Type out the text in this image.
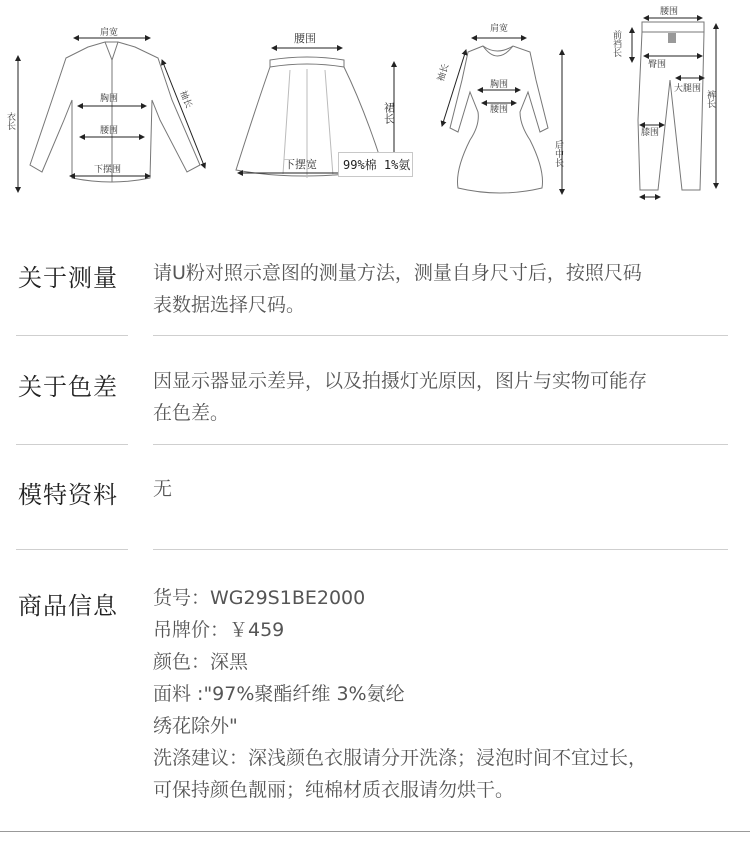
肩宽
胸围
腰围
下摆围
衣长
袖长
腰围
下摆宽
裙长
肩宽
胸围
腰围
袖长
后中长
腰围
前裆长
臀围
大腿围
膝围
裤长
99%棉 1%氨
关于测量 请U粉对照示意图的测量方法，测量自身尺寸后，按照尺码
表数据选择尺码。
关于色差 因显示器显示差异，以及拍摄灯光原因，图片与实物可能存
在色差。
模特资料 无
商品信息 货号：WG29S1BE2000
吊牌价：￥459
颜色：深黑
面料 :"97%聚酯纤维 3%氨纶
绣花除外"
洗涤建议：深浅颜色衣服请分开洗涤；浸泡时间不宜过长，
可保持颜色靓丽；纯棉材质衣服请勿烘干。
